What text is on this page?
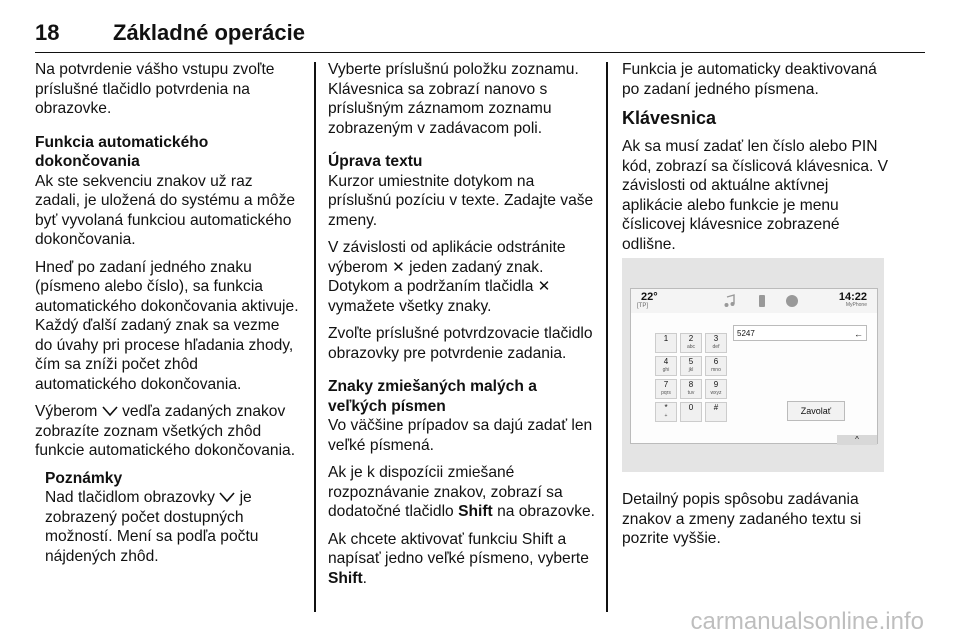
18 Základné operácie

Na potvrdenie vášho vstupu zvoľte príslušné tlačidlo potvrdenia na obrazovke.

Funkcia automatického dokončovania

Ak ste sekvenciu znakov už raz zadali, je uložená do systému a môže byť vyvolaná funkciou automatického dokončovania.

Hneď po zadaní jedného znaku (písmeno alebo číslo), sa funkcia automatického dokončovania aktivuje. Každý ďalší zadaný znak sa vezme do úvahy pri procese hľadania zhody, čím sa zníži počet zhôd automatického dokončovania.

Výberom vedľa zadaných znakov zobrazíte zoznam všetkých zhôd funkcie automatického dokončovania.

Poznámky
Nad tlačidlom obrazovky je zobrazený počet dostupných možností. Mení sa podľa počtu nájdených zhôd.

Vyberte príslušnú položku zoznamu. Klávesnica sa zobrazí nanovo s príslušným záznamom zoznamu zobrazeným v zadávacom poli.

Úprava textu

Kurzor umiestnite dotykom na príslušnú pozíciu v texte. Zadajte vaše zmeny.

V závislosti od aplikácie odstránite výberom ✕ jeden zadaný znak. Dotykom a podržaním tlačidla ✕ vymažete všetky znaky.

Zvoľte príslušné potvrdzovacie tlačidlo obrazovky pre potvrdenie zadania.

Znaky zmiešaných malých a veľkých písmen

Vo väčšine prípadov sa dajú zadať len veľké písmená.

Ak je k dispozícii zmiešané rozpoznávanie znakov, zobrazí sa dodatočné tlačidlo Shift na obrazovke.

Ak chcete aktivovať funkciu Shift a napísať jedno veľké písmeno, vyberte Shift.

Funkcia je automaticky deaktivovaná po zadaní jedného písmena.

Klávesnica

Ak sa musí zadať len číslo alebo PIN kód, zobrazí sa číslicová klávesnica. V závislosti od aktuálne aktívnej aplikácie alebo funkcie je menu číslicovej klávesnice zobrazené odlišne.

22°
[TP]
14:22
MyPhone
5247	←
1	2
abc
3
def
4
ghi
5
jkl
6
mno
7
pqrs
8
tuv
9
wxyz
*
+
0	#	Zavolať
^

Detailný popis spôsobu zadávania znakov a zmeny zadaného textu si pozrite vyššie.

carmanualsonline.info
